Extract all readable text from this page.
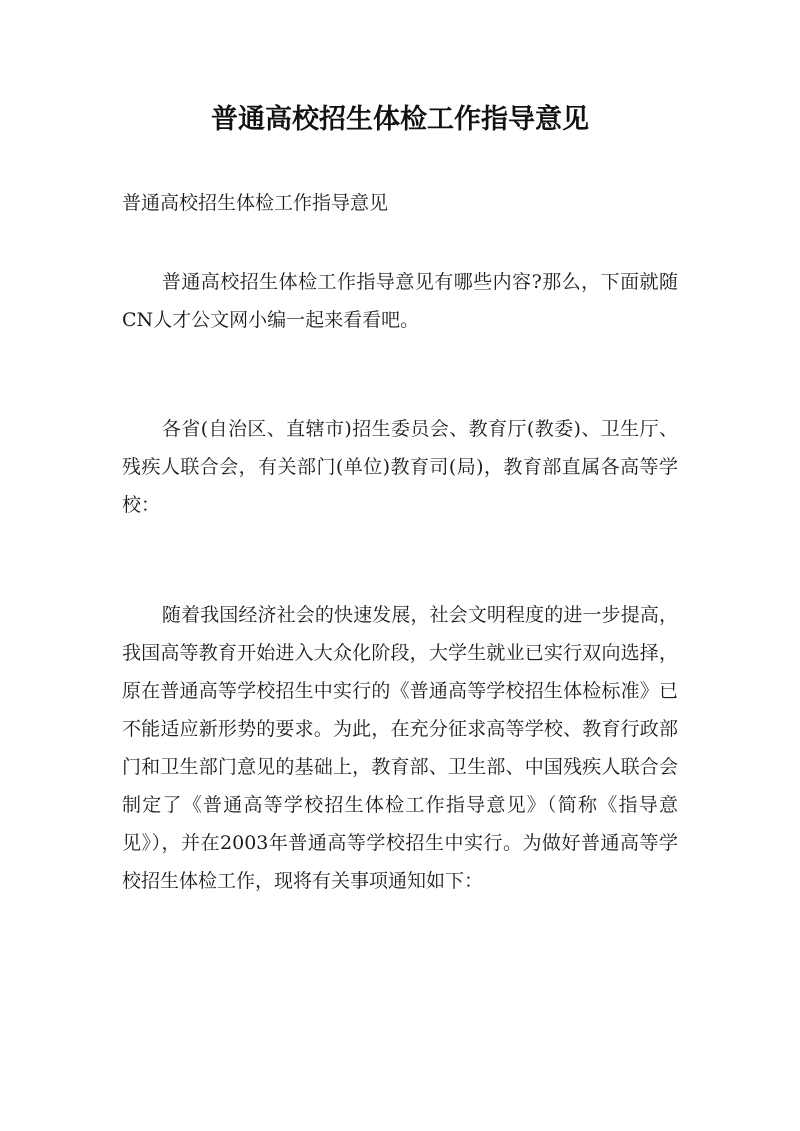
普通高校招生体检工作指导意见

普通高校招生体检工作指导意见

普通高校招生体检工作指导意见有哪些内容?那么，下面就随CN人才公文网小编一起来看看吧。

各省(自治区、直辖市)招生委员会、教育厅(教委)、卫生厅、残疾人联合会，有关部门(单位)教育司(局)，教育部直属各高等学校：

随着我国经济社会的快速发展，社会文明程度的进一步提高，我国高等教育开始进入大众化阶段，大学生就业已实行双向选择，原在普通高等学校招生中实行的《普通高等学校招生体检标准》已不能适应新形势的要求。为此，在充分征求高等学校、教育行政部门和卫生部门意见的基础上，教育部、卫生部、中国残疾人联合会制定了《普通高等学校招生体检工作指导意见》（简称《指导意见》），并在2003年普通高等学校招生中实行。为做好普通高等学校招生体检工作，现将有关事项通知如下：
